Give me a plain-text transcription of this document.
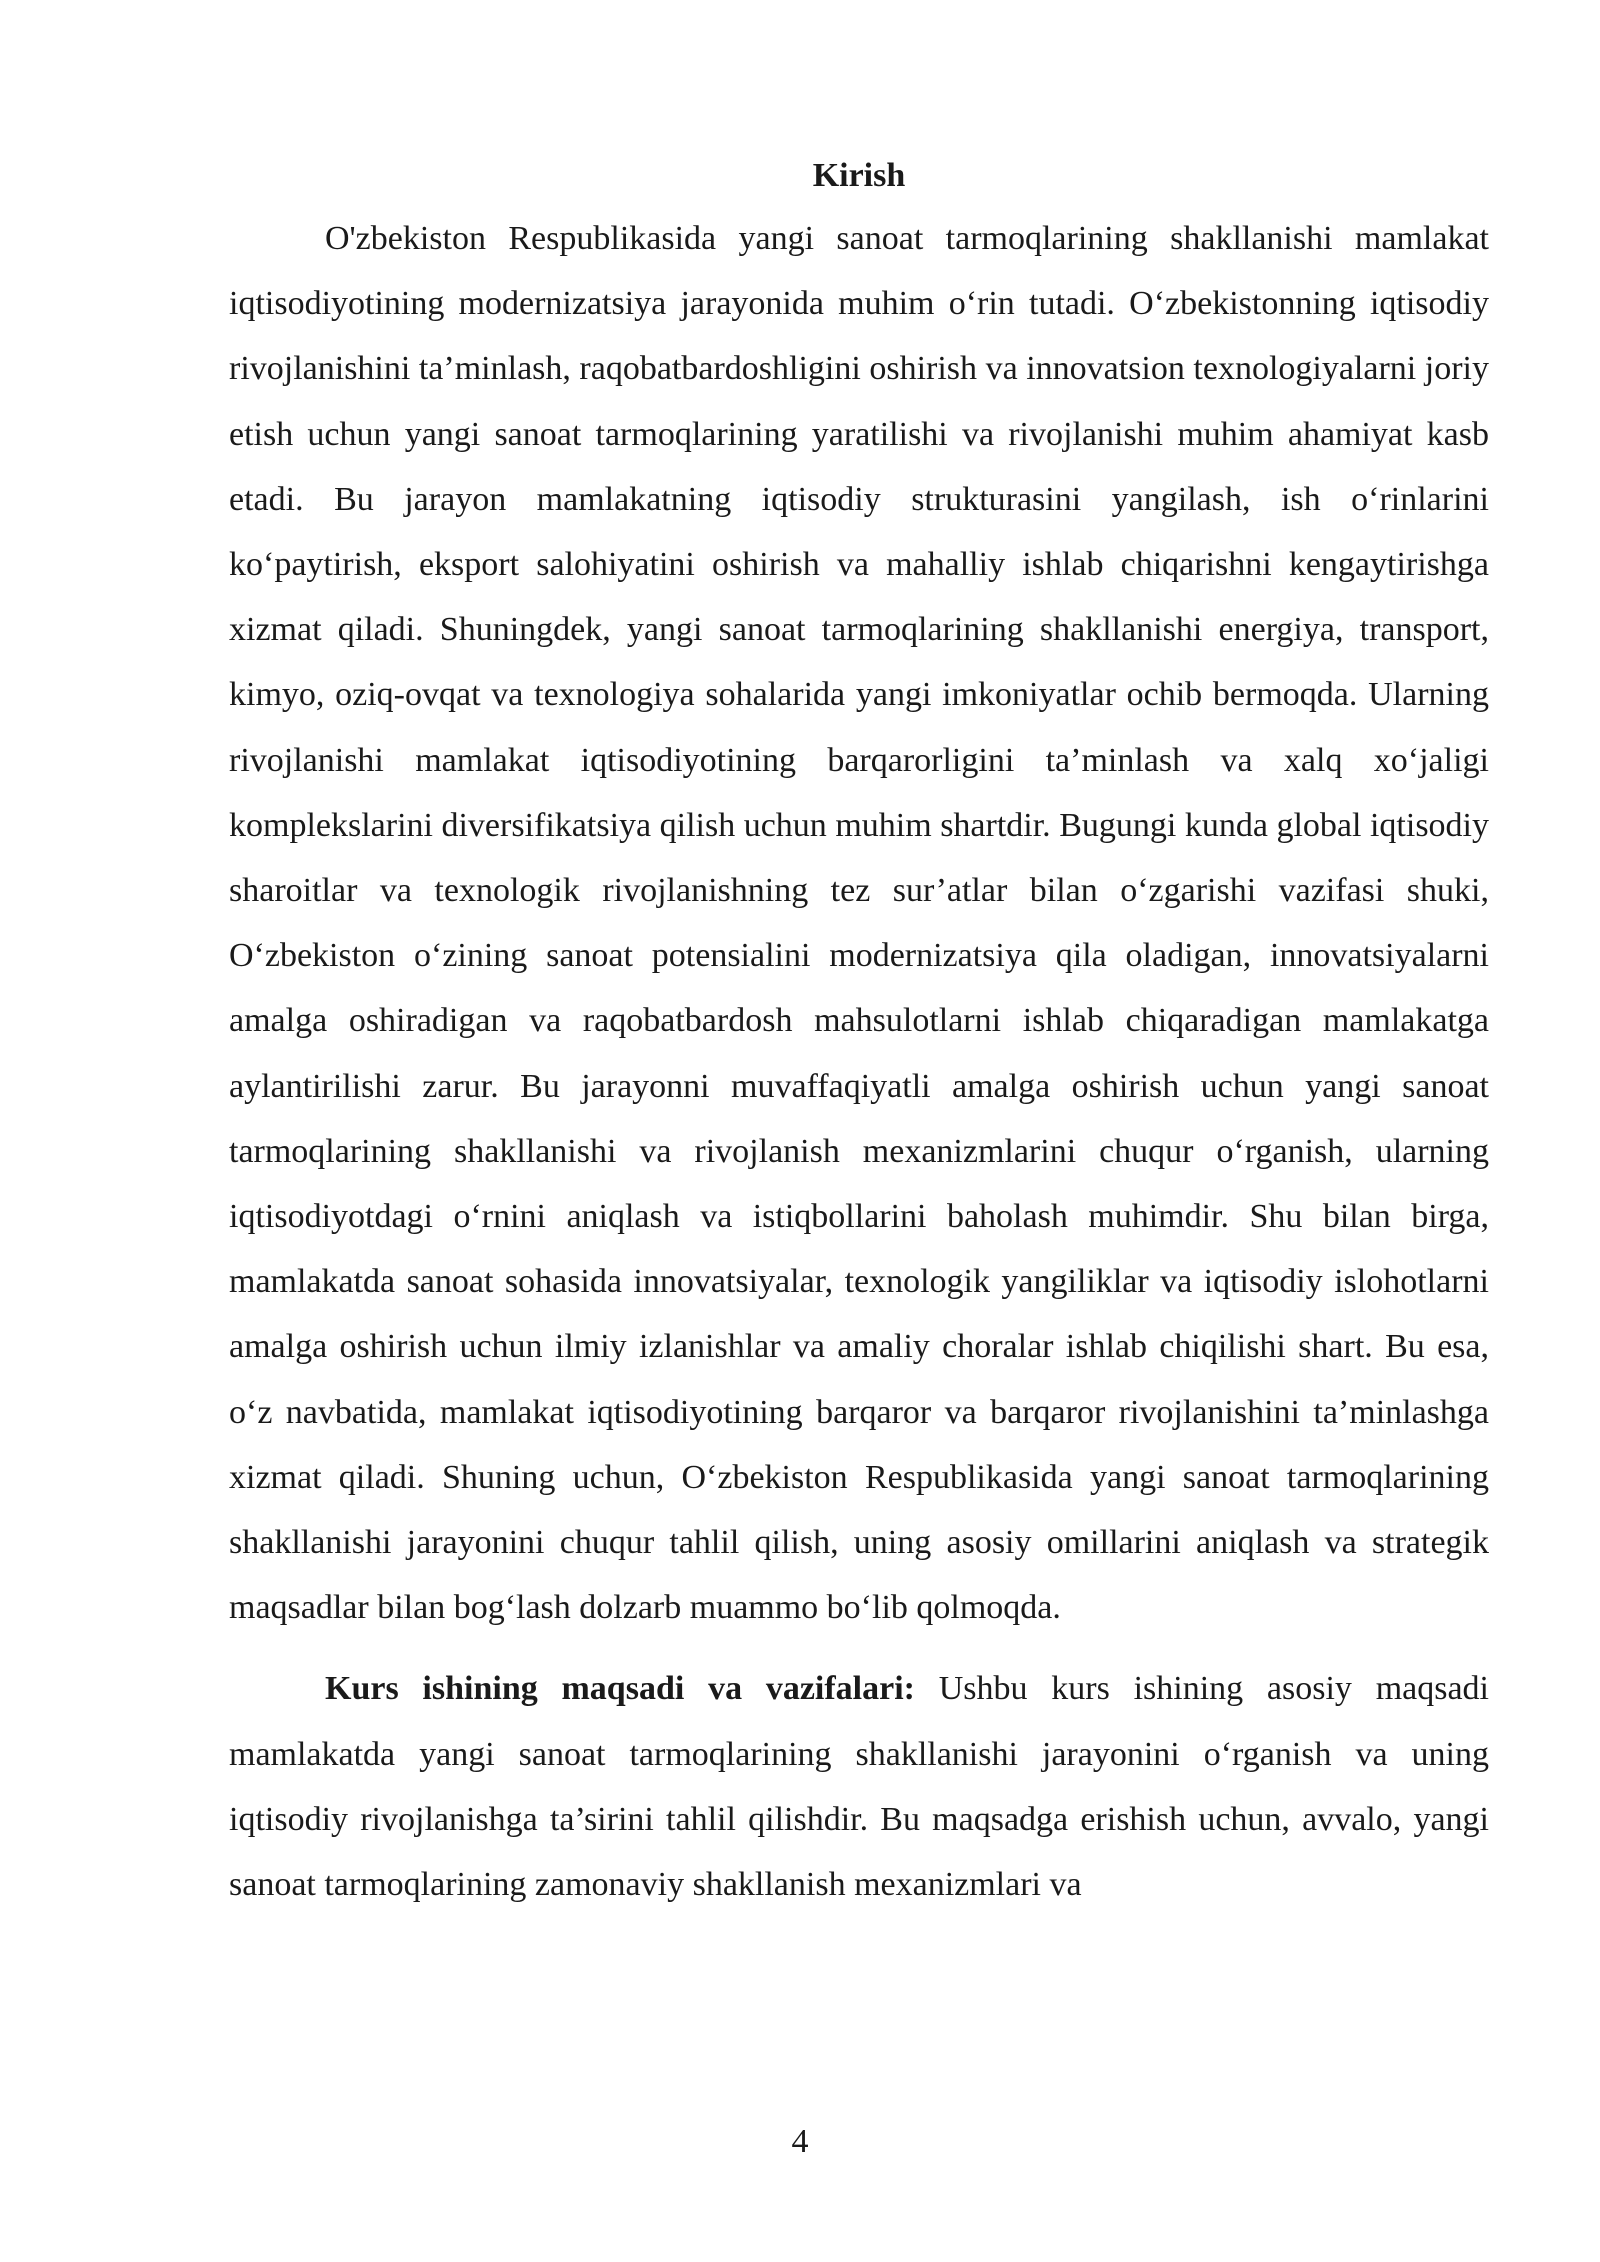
Kirish

O'zbekiston Respublikasida yangi sanoat tarmoqlarining shakllanishi mamlakat iqtisodiyotining modernizatsiya jarayonida muhim o‘rin tutadi. O‘zbekistonning iqtisodiy rivojlanishini ta’minlash, raqobatbardoshligini oshirish va innovatsion texnologiyalarni joriy etish uchun yangi sanoat tarmoqlarining yaratilishi va rivojlanishi muhim ahamiyat kasb etadi. Bu jarayon mamlakatning iqtisodiy strukturasini yangilash, ish o‘rinlarini ko‘paytirish, eksport salohiyatini oshirish va mahalliy ishlab chiqarishni kengaytirishga xizmat qiladi. Shuningdek, yangi sanoat tarmoqlarining shakllanishi energiya, transport, kimyo, oziq-ovqat va texnologiya sohalarida yangi imkoniyatlar ochib bermoqda. Ularning rivojlanishi mamlakat iqtisodiyotining barqarorligini ta’minlash va xalq xo‘jaligi komplekslarini diversifikatsiya qilish uchun muhim shartdir. Bugungi kunda global iqtisodiy sharoitlar va texnologik rivojlanishning tez sur’atlar bilan o‘zgarishi vazifasi shuki, O‘zbekiston o‘zining sanoat potensialini modernizatsiya qila oladigan, innovatsiyalarni amalga oshiradigan va raqobatbardosh mahsulotlarni ishlab chiqaradigan mamlakatga aylantirilishi zarur. Bu jarayonni muvaffaqiyatli amalga oshirish uchun yangi sanoat tarmoqlarining shakllanishi va rivojlanish mexanizmlarini chuqur o‘rganish, ularning iqtisodiyotdagi o‘rnini aniqlash va istiqbollarini baholash muhimdir. Shu bilan birga, mamlakatda sanoat sohasida innovatsiyalar, texnologik yangiliklar va iqtisodiy islohotlarni amalga oshirish uchun ilmiy izlanishlar va amaliy choralar ishlab chiqilishi shart. Bu esa, o‘z navbatida, mamlakat iqtisodiyotining barqaror va barqaror rivojlanishini ta’minlashga xizmat qiladi. Shuning uchun, O‘zbekiston Respublikasida yangi sanoat tarmoqlarining shakllanishi jarayonini chuqur tahlil qilish, uning asosiy omillarini aniqlash va strategik maqsadlar bilan bog‘lash dolzarb muammo bo‘lib qolmoqda.

Kurs ishining maqsadi va vazifalari: Ushbu kurs ishining asosiy maqsadi mamlakatda yangi sanoat tarmoqlarining shakllanishi jarayonini o‘rganish va uning iqtisodiy rivojlanishga ta’sirini tahlil qilishdir. Bu maqsadga erishish uchun, avvalo, yangi sanoat tarmoqlarining zamonaviy shakllanish mexanizmlari va

4
